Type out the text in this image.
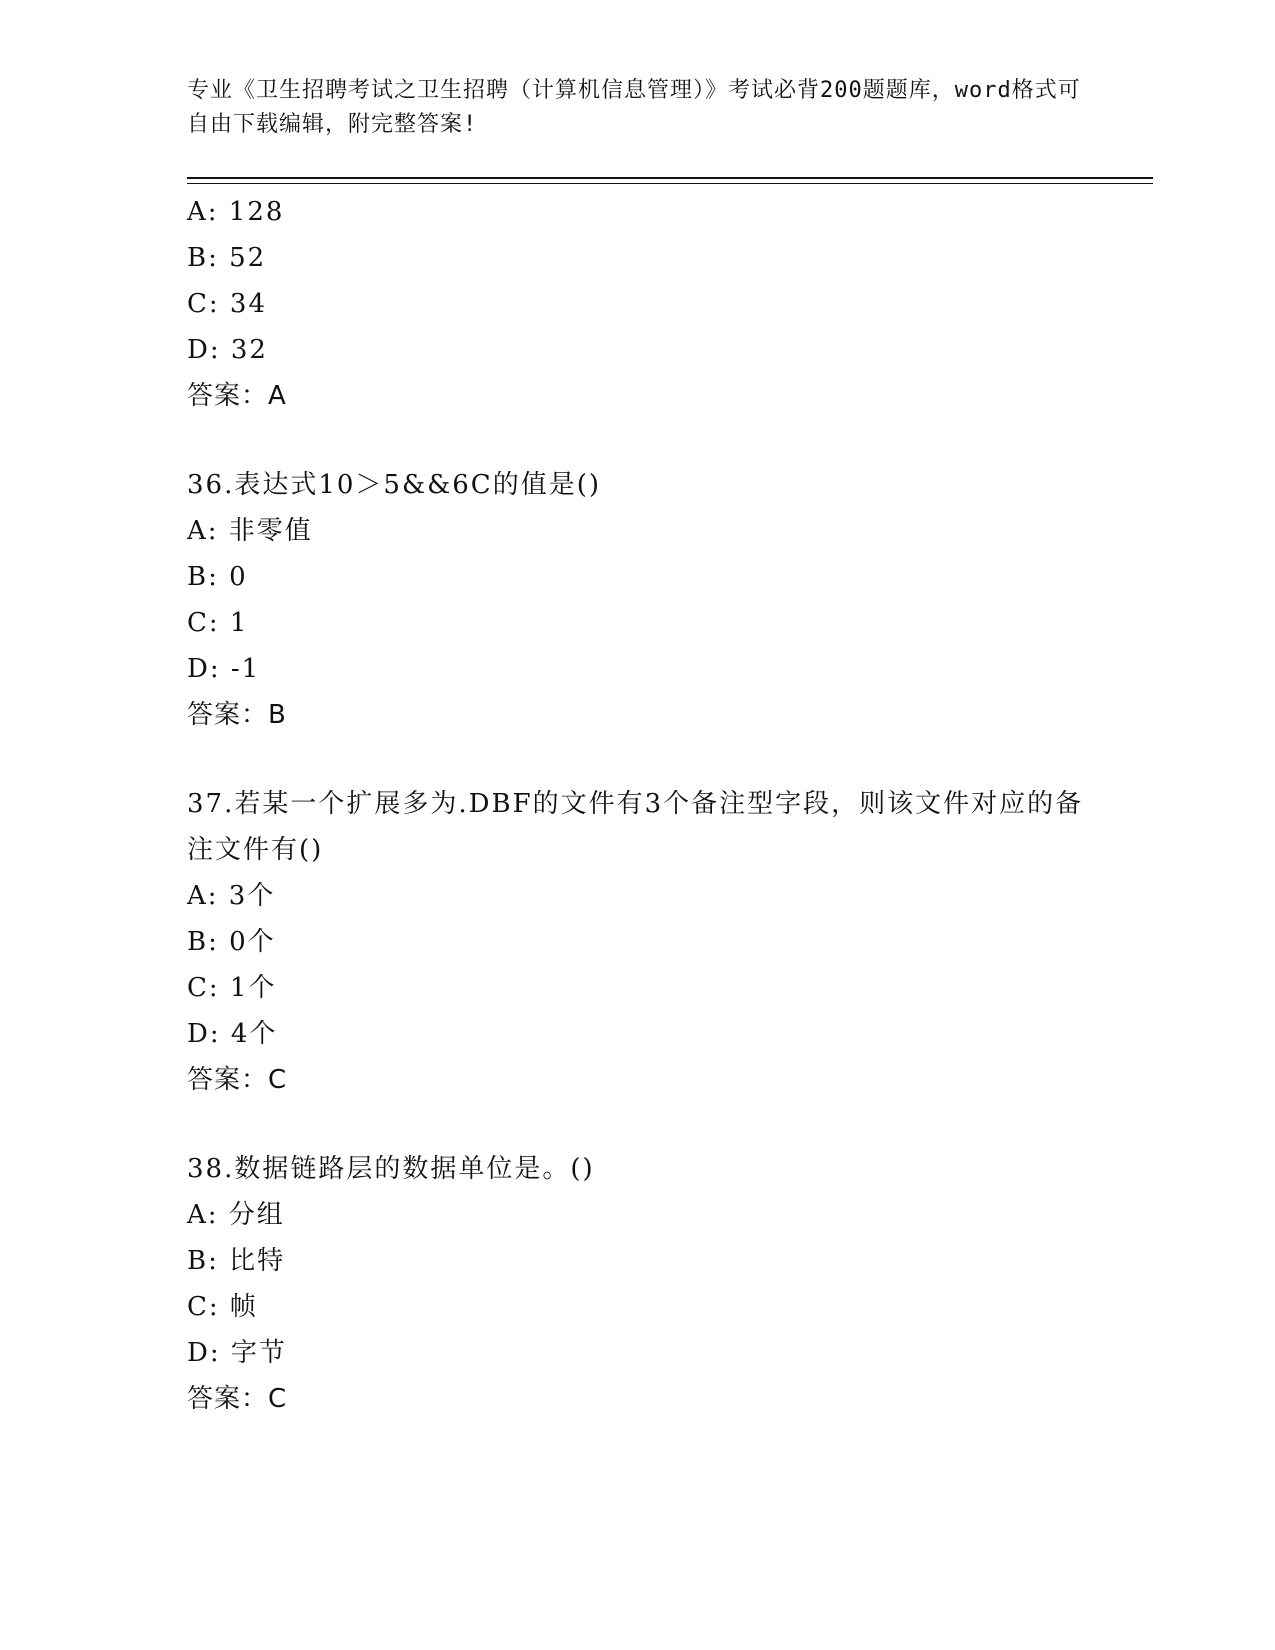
专业《卫生招聘考试之卫生招聘（计算机信息管理）》考试必背200题题库，word格式可自由下载编辑，附完整答案!
A: 128
B: 52
C: 34
D: 32
答案：A
36.表达式10＞5&&6C的值是()
A: 非零值
B: 0
C: 1
D: -1
答案：B
37.若某一个扩展多为.DBF的文件有3个备注型字段，则该文件对应的备注文件有()
A: 3个
B: 0个
C: 1个
D: 4个
答案：C
38.数据链路层的数据单位是。()
A: 分组
B: 比特
C: 帧
D: 字节
答案：C
